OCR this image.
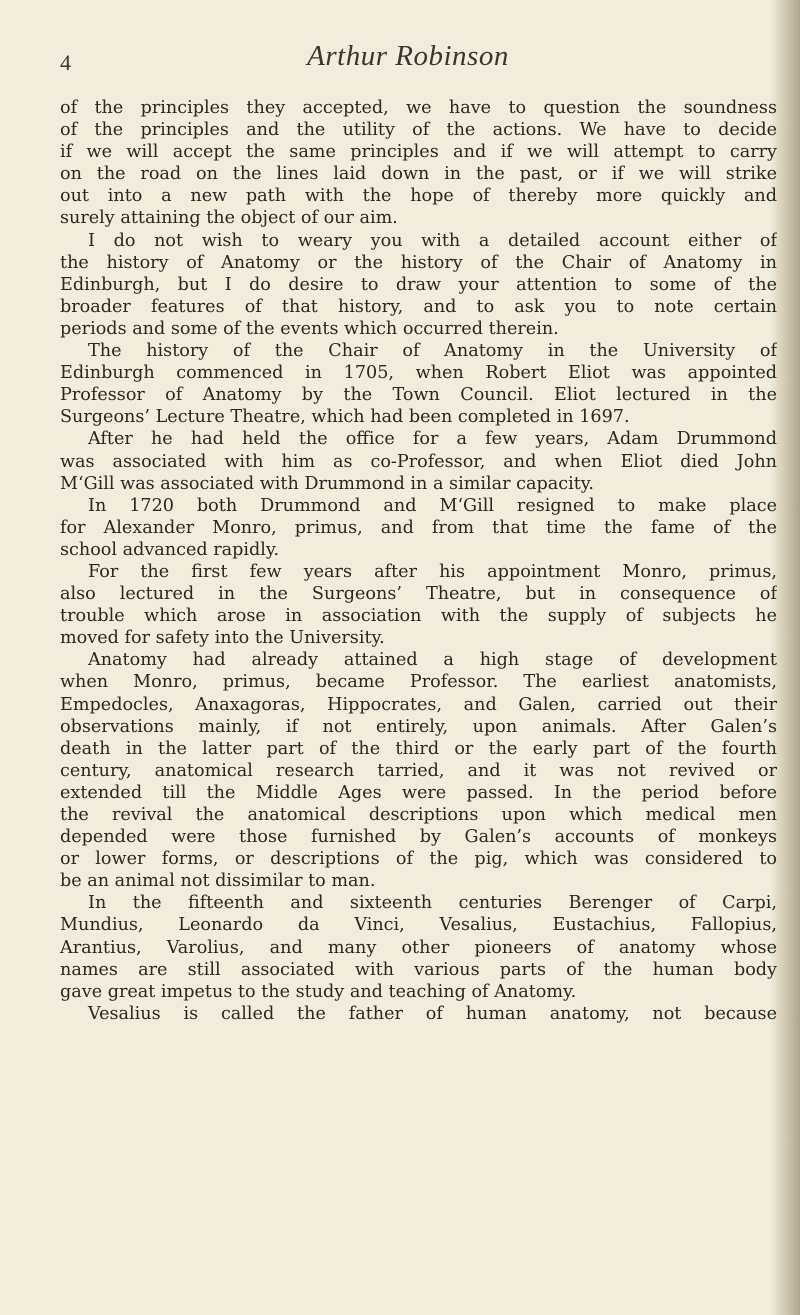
4	Arthur Robinson
of the principles they accepted, we have to question the soundness
of the principles and the utility of the actions. We have to decide
if we will accept the same principles and if we will attempt to carry
on the road on the lines laid down in the past, or if we will strike
out into a new path with the hope of thereby more quickly and
surely attaining the object of our aim.
I do not wish to weary you with a detailed account either of
the history of Anatomy or the history of the Chair of Anatomy in
Edinburgh, but I do desire to draw your attention to some of the
broader features of that history, and to ask you to note certain
periods and some of the events which occurred therein.
The history of the Chair of Anatomy in the University of
Edinburgh commenced in 1705, when Robert Eliot was appointed
Professor of Anatomy by the Town Council. Eliot lectured in the
Surgeons’ Lecture Theatre, which had been completed in 1697.
After he had held the office for a few years, Adam Drummond
was associated with him as co-Professor, and when Eliot died John
M‘Gill was associated with Drummond in a similar capacity.
In 1720 both Drummond and M‘Gill resigned to make place
for Alexander Monro, primus, and from that time the fame of the
school advanced rapidly.
For the first few years after his appointment Monro, primus,
also lectured in the Surgeons’ Theatre, but in consequence of
trouble which arose in association with the supply of subjects he
moved for safety into the University.
Anatomy had already attained a high stage of development
when Monro, primus, became Professor. The earliest anatomists,
Empedocles, Anaxagoras, Hippocrates, and Galen, carried out their
observations mainly, if not entirely, upon animals. After Galen’s
death in the latter part of the third or the early part of the fourth
century, anatomical research tarried, and it was not revived or
extended till the Middle Ages were passed. In the period before
the revival the anatomical descriptions upon which medical men
depended were those furnished by Galen’s accounts of monkeys
or lower forms, or descriptions of the pig, which was considered to
be an animal not dissimilar to man.
In the fifteenth and sixteenth centuries Berenger of Carpi,
Mundius, Leonardo da Vinci, Vesalius, Eustachius, Fallopius,
Arantius, Varolius, and many other pioneers of anatomy whose
names are still associated with various parts of the human body
gave great impetus to the study and teaching of Anatomy.
Vesalius is called the father of human anatomy, not because
